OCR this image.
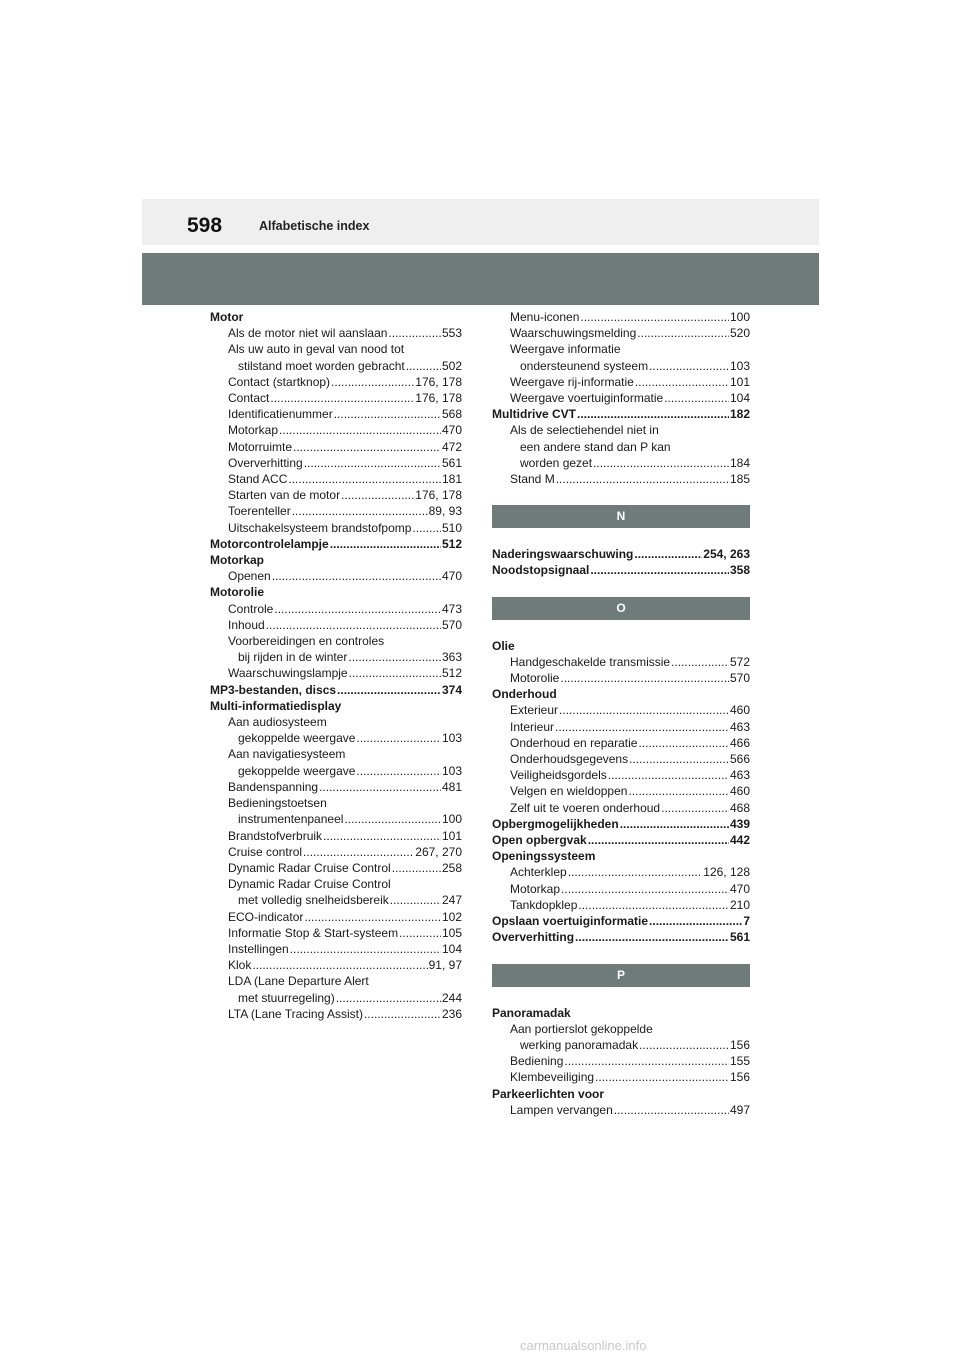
598	Alfabetische index
Motor
Als de motor niet wil aanslaan .....	553
Als uw auto in geval van nood tot
stilstand moet worden gebracht .....	502
Contact (startknop) .....	176, 178
Contact .....	176, 178
Identificatienummer .....	568
Motorkap .....	470
Motorruimte .....	472
Oververhitting .....	561
Stand ACC .....	181
Starten van de motor .....	176, 178
Toerenteller .....	89, 93
Uitschakelsysteem brandstofpomp .....	510
Motorcontrolelampje .....	512
Motorkap
Openen .....	470
Motorolie
Controle .....	473
Inhoud .....	570
Voorbereidingen en controles
bij rijden in de winter .....	363
Waarschuwingslampje .....	512
MP3-bestanden, discs .....	374
Multi-informatiedisplay
Aan audiosysteem
gekoppelde weergave .....	103
Aan navigatiesysteem
gekoppelde weergave .....	103
Bandenspanning .....	481
Bedieningstoetsen
instrumentenpaneel .....	100
Brandstofverbruik .....	101
Cruise control .....	267, 270
Dynamic Radar Cruise Control .....	258
Dynamic Radar Cruise Control
met volledig snelheidsbereik .....	247
ECO-indicator .....	102
Informatie Stop & Start-systeem .....	105
Instellingen .....	104
Klok .....	91, 97
LDA (Lane Departure Alert
met stuurregeling) .....	244
LTA (Lane Tracing Assist) .....	236
Menu-iconen .....	100
Waarschuwingsmelding .....	520
Weergave informatie
ondersteunend systeem .....	103
Weergave rij-informatie .....	101
Weergave voertuiginformatie .....	104
Multidrive CVT .....	182
Als de selectiehendel niet in
een andere stand dan P kan
worden gezet .....	184
Stand M .....	185
N
Naderingswaarschuwing .....	254, 263
Noodstopsignaal .....	358
O
Olie
Handgeschakelde transmissie .....	572
Motorolie .....	570
Onderhoud
Exterieur .....	460
Interieur .....	463
Onderhoud en reparatie .....	466
Onderhoudsgegevens .....	566
Veiligheidsgordels .....	463
Velgen en wieldoppen .....	460
Zelf uit te voeren onderhoud .....	468
Opbergmogelijkheden .....	439
Open opbergvak .....	442
Openingssysteem
Achterklep .....	126, 128
Motorkap .....	470
Tankdopklep .....	210
Opslaan voertuiginformatie .....	7
Oververhitting .....	561
P
Panoramadak
Aan portierslot gekoppelde
werking panoramadak .....	156
Bediening .....	155
Klembeveiliging .....	156
Parkeerlichten voor
Lampen vervangen .....	497
carmanualsonline.info
